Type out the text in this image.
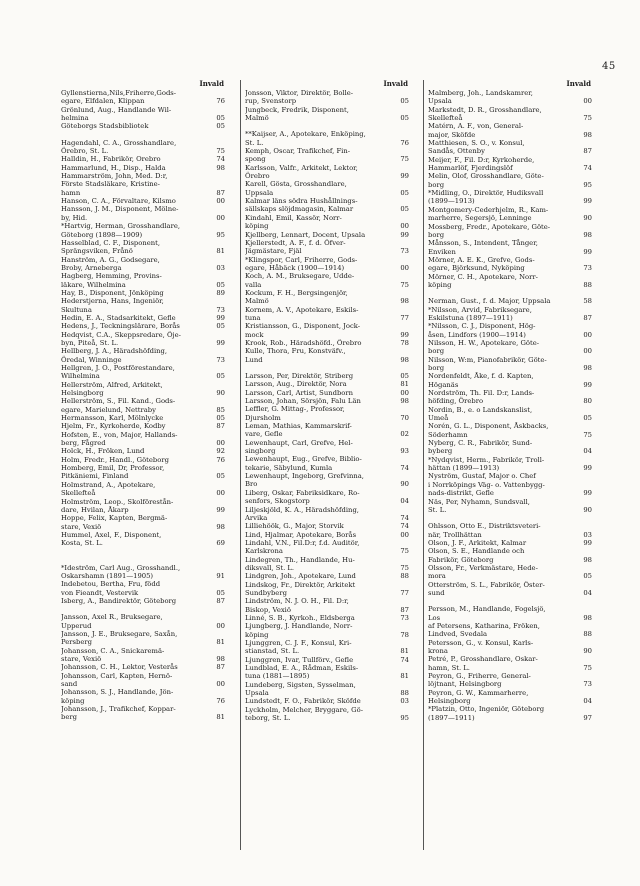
45
Invald
Gyllenstierna,Nils,Friherre,Gods-
egare, Elfdalen, Klippan	76
Grönlund, Aug., Handlande Wil-
helmina	05
Göteborgs Stadsbibliotek	05
Hagendahl, C. A., Grosshandlare,
Örebro, St. L.	75
Halldin, H., Fabrikör, Orebro	74
Hammarlund, H., Disp., Halda	98
Hammarström, John, Med. D:r,
Förste Stadsläkare, Kristine-
hamn	87
Hanson, C. A., Förvaltare, Kilsmo	00
Hansson, J. M., Disponent, Mölne-
by, Hid.	00
*Hartvig, Herman, Grosshandlare,
Göteborg (1898—1909)	95
Hasselblad, C. F., Disponent,
Sprängsviken, Frånö	81
Hanström, A. G., Godsegare,
Broby, Arneberga	03
Hagberg, Hemming, Provins-
läkare, Wilhelmina	05
Hay, B., Disponent, Jönköping	89
Hederstjerna, Hans, Ingeniör,
Skultuna	73
Hedin, E. A., Stadsarkitekt, Gefle	99
Hedens, J., Teckningslärare, Borås	05
Hedqvist, C.A., Skeppsredare, Öje-
byn, Piteå, St. L.	99
Hellberg, J. A., Häradshöfding,
Öredal, Winninge	73
Hellgren, J. O., Postförestandare,
Wilhelmina	05
Hellerström, Alfred, Arkitekt,
Helsingborg	90
Hellerström, S., Fil. Kand., Gods-
egare, Marielund, Nettraby	85
Hermansson, Karl, Mölnlycke	05
Hjelm, Fr., Kyrkoherde, Kodby	87
Hofsten, E., von, Major, Hallands-
berg, Fågred	00
Holck, H., Fröken, Lund	92
Holm, Fredr., Handl., Göteborg	76
Homberg, Emil, Dr, Professor,
Pitkäniemi, Finland	05
Holmstrand, A., Apotekare,
Skellefteå	00
Holmström, Leop., Skolförestån-
dare, Hvilan, Åkarp	99
Hoppe, Felix, Kapten, Bergmä-
stare, Vexiö	98
Hummel, Axel, F., Disponent,
Kosta, St. L.	69
*Ideström, Carl Aug., Grosshandl.,
Oskarshamn (1891—1905)	91
Indebetou, Bertha, Fru, född
von Fieandt, Vestervik	05
Isberg, A., Bandirektör, Göteborg	87
Jansson, Axel R., Bruksegare,
Upperud	00
Jansson, J. E., Bruksegare, Saxån,
Persberg	81
Johansson, C. A., Snickaremä-
stare, Vexiö	98
Johansson, C. H., Lektor, Vesterås	87
Johansson, Carl, Kapten, Hernö-
sand	00
Johansson, S. J., Handlande, Jön-
köping	76
Johansson, J., Trafikchef, Koppar-
berg	81
Invald
Jonsson, Viktor, Direktör, Bolle-
rup, Svenstorp	05
Jungbeck, Fredrik, Disponent,
Malmö	05
**Kaijser, A., Apotekare, Enköping,
St. L.	76
Kemph, Oscar, Trafikchef, Fin-
spong	75
Karlsson, Valfr., Arkitekt, Lektor,
Örebro	99
Karell, Gösta, Grosshandlare,
Uppsala	05
Kalmar läns södra Hushållnings-
sällskaps slöjdmagasin, Kalmar	05
Kindahl, Emil, Kassör, Norr-
köping	00
Kjellberg, Lennart, Docent, Upsala	99
Kjellerstedt, A. F., f. d. Öfver-
Jägmästare, Fjäl	73
*Klingspor, Carl, Friherre, Gods-
egare, Håbäck (1900—1914)	00
Koch, A. M., Bruksegare, Udde-
valla	75
Kockum, F. H., Bergsingenjör,
Malmö	98
Kornem, A. V., Apotekare, Eskils-
tuna	77
Kristiansson, G., Disponent, Jock-
mock	99
Krook, Rob., Häradshöfd., Örebro	78
Kulle, Thora, Fru, Konstväfv.,
Lund	98
Larsson, Per, Direktör, Striberg	05
Larsson, Aug., Direktör, Nora	81
Larsson, Carl, Artist, Sundborn	00
Larsson, Johan, Sörsjön, Falu Län	98
Leffler, G. Mittag-, Professor,
Djursholm	70
Leman, Mathias, Kammarskrif-
vare, Gefle	02
Lewenhaupt, Carl, Grefve, Hel-
singborg	93
Lewenhaupt, Eug., Grefve, Biblio-
tekarie, Säbylund, Kumla	74
Lewenhaupt, Ingeborg, Grefvinna,
Bro	90
Liberg, Oskar, Fabriksidkare, Ro-
senfors, Skogstorp	04
Liljeskjöld, K. A., Häradshöfding,
Arvika	74
Lilliehöök, G., Major, Storvik	74
Lind, Hjalmar, Apotekare, Borås	00
Lindahl, V.N., Fil.D:r, f.d. Auditör,
Karlskrona	75
Lindegren, Th., Handlande, Hu-
diksvall, St. L.	75
Lindgren, Joh., Apotekare, Lund	88
Lindskog, Fr., Direktör, Arkitekt
Sundbyberg	77
Lindström, N. J. O. H., Fil. D:r,
Biskop, Vexiö	87
Linné, S. B., Kyrkoh., Eldsberga	73
Ljungberg, J. Handlande, Norr-
köping	78
Ljunggren, C. J. F., Konsul, Kri-
stianstad, St. L.	81
Ljunggren, Ivar, Tullförv., Gefle	74
Lundblad, E. A., Rådman, Eskils-
tuna (1881—1895)	81
Lundeberg, Sigsten, Sysselman,
Upsala	88
Lundstedt, F. O., Fabrikör, Sköfde	03
Lyckholm, Melcher, Bryggare, Gö-
teborg, St. L.	95
Invald
Malmberg, Joh., Landskamrer,
Upsala	00
Markstedt, D. R., Grosshandlare,
Skellefteå	75
Matérn, A. F., von, General-
major, Sköfde	98
Matthiesen, S. O., v. Konsul,
Sandås, Ottenby	87
Meijer, F., Fil. D:r, Kyrkoherde,
Hammarlöf, Fjerdingslöf	74
Melin, Olof, Grosshandlare, Göte-
borg	95
*Midling, O., Direktör, Hudiksvall
(1899—1913)	99
Montgomery-Cederhjelm, R., Kam-
marherre, Segersjö, Lenninge	90
Mossberg, Fredr., Apotekare, Göte-
borg	98
Månsson, S., Intendent, Tånger,
Enviken	99
Mörner, A. E. K., Grefve, Gods-
egare, Björksund, Nyköping	73
Mörner, C. H., Apotekare, Norr-
köping	88
Nerman, Gust., f. d. Major, Uppsala	58
*Nilsson, Arvid, Fabriksegare,
Eskilstuna (1897—1911)	87
*Nilsson, C. J., Disponent, Hög-
åsen, Lindfors (1900—1914)	00
Nilsson, H. W., Apotekare, Göte-
borg	00
Nilsson, W:m, Pianofabrikör, Göte-
borg	98
Nordenfeldt, Åke, f. d. Kapten,
Höganäs	99
Nordström, Th. Fil. D:r, Lands-
höfding, Örebro	80
Nordin, B., e. o Landskanslist,
Umeå	05
Norén, G. L., Disponent, Åskbacks,
Söderhamn	75
Nyberg, C. R., Fabrikör, Sund-
byberg	04
*Nydqvist, Herm., Fabrikör, Troll-
hättan (1899—1913)	99
Nyström, Gustaf, Major o. Chef
i Norrköpings Väg- o. Vattenbygg-
nads-distrikt, Gefle	99
Näs, Per, Nyhamn, Sundsvall,
St. L.	90
Ohlsson, Otto E., Distriktsveteri-
när, Trollhättan	03
Olson, J. F., Arkitekt, Kalmar	99
Olson, S. E., Handlande och
Fabrikör, Göteborg	98
Olsson, Fr., Verkmästare, Hede-
mora	05
Otterström, S. L., Fabrikör, Öster-
sund	04
Persson, M., Handlande, Fogelsjö,
Los	98
af Petersens, Katharina, Fröken,
Lindved, Svedala	88
Petersson, G., v. Konsul, Karls-
krona	90
Petré, P., Grosshandlare, Oskar-
hamn, St. L.	75
Peyron, G., Friherre, General-
löjtnant, Helsingborg	73
Peyron, G. W., Kammarherre,
Helsingborg	04
*Platzin, Otto, Ingeniör, Göteborg
(1897—1911)	97
